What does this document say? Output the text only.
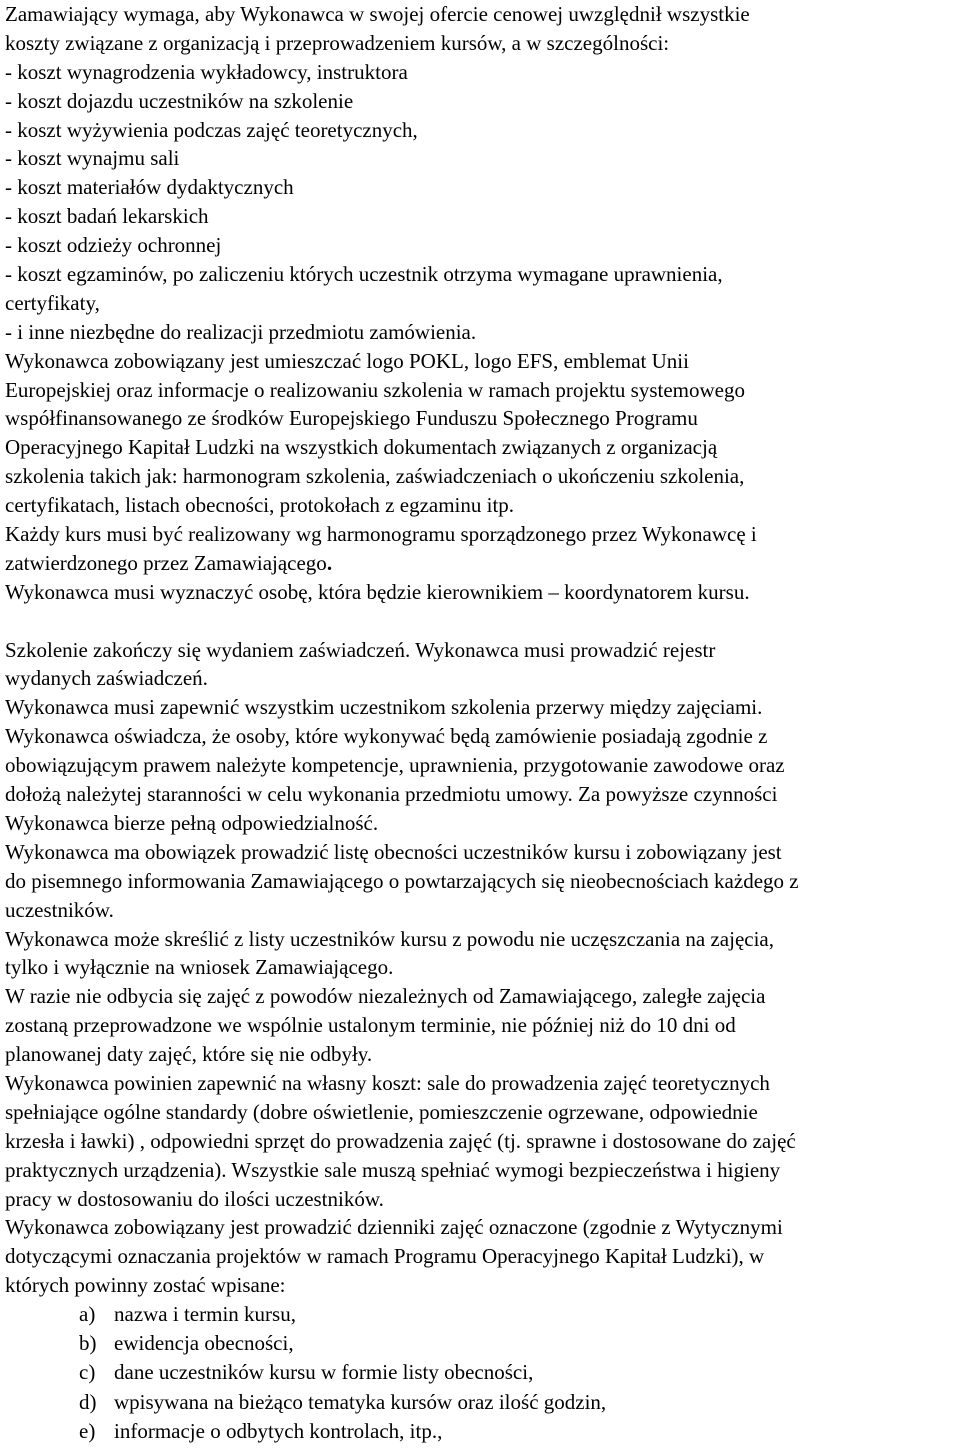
Zamawiający wymaga, aby Wykonawca w swojej ofercie cenowej uwzględnił wszystkie
koszty związane z organizacją i przeprowadzeniem kursów, a w szczególności:
- koszt wynagrodzenia wykładowcy, instruktora
- koszt dojazdu uczestników na szkolenie
- koszt wyżywienia podczas zajęć teoretycznych,
- koszt wynajmu sali
- koszt materiałów dydaktycznych
- koszt badań lekarskich
- koszt odzieży ochronnej
- koszt egzaminów, po zaliczeniu których uczestnik otrzyma wymagane uprawnienia,
certyfikaty,
- i inne niezbędne do realizacji przedmiotu zamówienia.
Wykonawca zobowiązany jest umieszczać logo POKL, logo EFS, emblemat Unii
Europejskiej oraz informacje o realizowaniu szkolenia w ramach projektu systemowego
współfinansowanego ze środków Europejskiego Funduszu Społecznego Programu
Operacyjnego Kapitał Ludzki na wszystkich dokumentach związanych z organizacją
szkolenia takich jak: harmonogram szkolenia, zaświadczeniach o ukończeniu szkolenia,
certyfikatach, listach obecności, protokołach z egzaminu itp.
Każdy kurs musi być realizowany wg harmonogramu sporządzonego przez Wykonawcę i
zatwierdzonego przez Zamawiającego.
Wykonawca musi wyznaczyć osobę, która będzie kierownikiem – koordynatorem kursu.
Szkolenie zakończy się wydaniem zaświadczeń. Wykonawca musi prowadzić rejestr
wydanych zaświadczeń.
Wykonawca musi zapewnić wszystkim uczestnikom szkolenia przerwy między zajęciami.
Wykonawca oświadcza, że osoby, które wykonywać będą zamówienie posiadają zgodnie z
obowiązującym prawem należyte kompetencje, uprawnienia, przygotowanie zawodowe oraz
dołożą należytej staranności w celu wykonania przedmiotu umowy. Za powyższe czynności
Wykonawca bierze pełną odpowiedzialność.
Wykonawca ma obowiązek prowadzić listę obecności uczestników kursu i zobowiązany jest
do pisemnego informowania Zamawiającego o powtarzających się nieobecnościach każdego z
uczestników.
Wykonawca może skreślić z listy uczestników kursu z powodu nie uczęszczania na zajęcia,
tylko i wyłącznie na wniosek Zamawiającego.
W razie nie odbycia się zajęć z powodów niezależnych od Zamawiającego, zaległe zajęcia
zostaną przeprowadzone we wspólnie ustalonym terminie, nie później niż do 10 dni od
planowanej daty zajęć, które się nie odbyły.
Wykonawca powinien zapewnić na własny koszt: sale do prowadzenia zajęć teoretycznych
spełniające ogólne standardy (dobre oświetlenie, pomieszczenie ogrzewane, odpowiednie
krzesła i ławki) , odpowiedni sprzęt do prowadzenia zajęć (tj. sprawne i dostosowane do zajęć
praktycznych urządzenia). Wszystkie sale muszą spełniać wymogi bezpieczeństwa i higieny
pracy w dostosowaniu do ilości uczestników.
Wykonawca zobowiązany jest prowadzić dzienniki zajęć oznaczone (zgodnie z Wytycznymi
dotyczącymi oznaczania projektów w ramach Programu Operacyjnego Kapitał Ludzki), w
których powinny zostać wpisane:
a) nazwa i termin kursu,
b) ewidencja obecności,
c) dane uczestników kursu w formie listy obecności,
d) wpisywana na bieżąco tematyka kursów oraz ilość godzin,
e) informacje o odbytych kontrolach, itp.,
